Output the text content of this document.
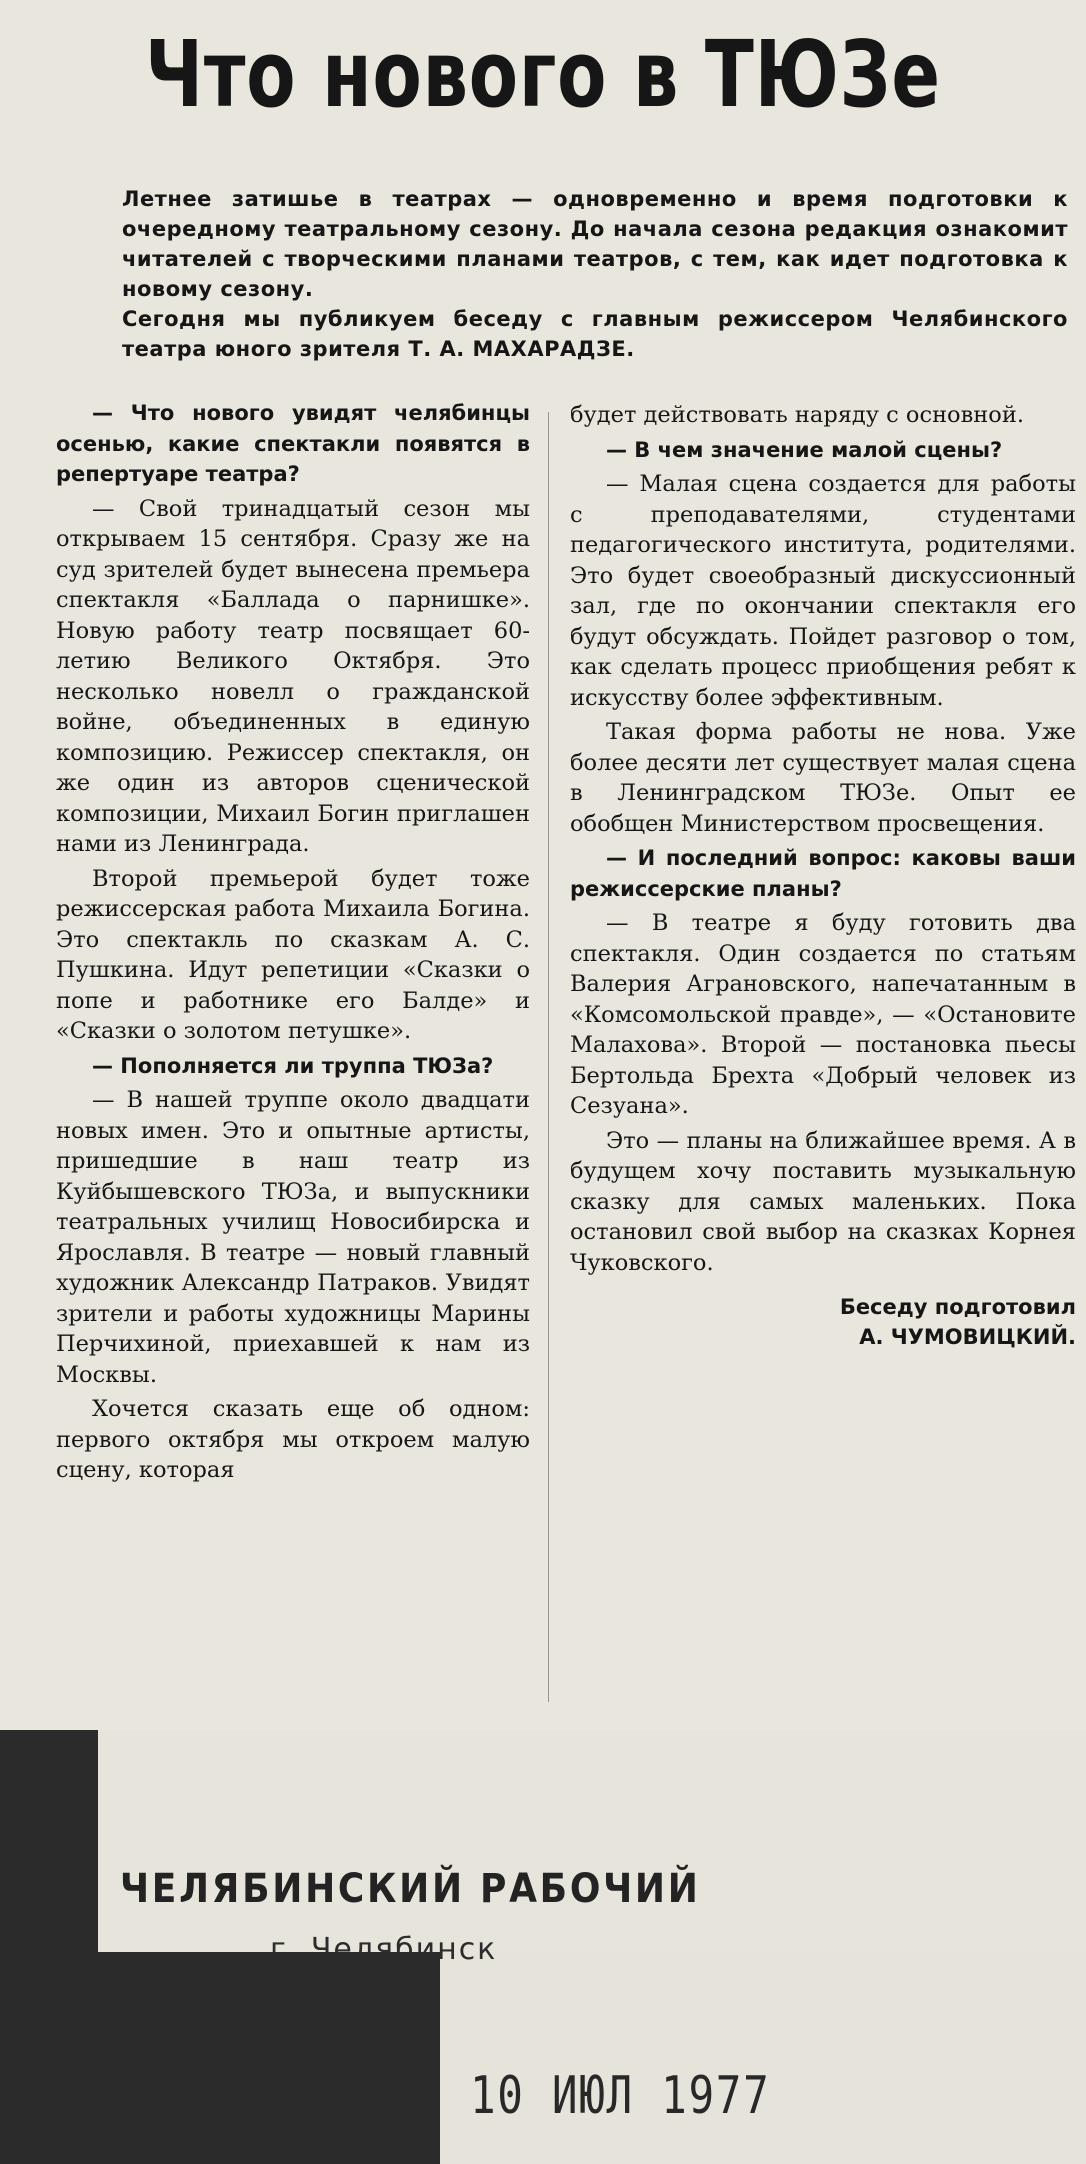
Что нового в ТЮЗе

Летнее затишье в театрах — одновременно и время подготовки к очередному театральному сезону. До начала сезона редакция ознакомит читателей с творческими планами театров, с тем, как идет подготовка к новому сезону.

Сегодня мы публикуем беседу с главным режиссером Челябинского театра юного зрителя Т. А. МАХАРАДЗЕ.

— Что нового увидят челябинцы осенью, какие спектакли появятся в репертуаре театра?

— Свой тринадцатый сезон мы открываем 15 сентября. Сразу же на суд зрителей будет вынесена премьера спектакля «Баллада о парнишке». Новую работу театр посвящает 60-летию Великого Октября. Это несколько новелл о гражданской войне, объединенных в единую композицию. Режиссер спектакля, он же один из авторов сценической композиции, Михаил Богин приглашен нами из Ленинграда.

Второй премьерой будет тоже режиссерская работа Михаила Богина. Это спектакль по сказкам А. С. Пушкина. Идут репетиции «Сказки о попе и работнике его Балде» и «Сказки о золотом петушке».

— Пополняется ли труппа ТЮЗа?

— В нашей труппе около двадцати новых имен. Это и опытные артисты, пришедшие в наш театр из Куйбышевского ТЮЗа, и выпускники театральных училищ Новосибирска и Ярославля. В театре — новый главный художник Александр Патраков. Увидят зрители и работы художницы Марины Перчихиной, приехавшей к нам из Москвы.

Хочется сказать еще об одном: первого октября мы откроем малую сцену, которая

будет действовать наряду с основной.

— В чем значение малой сцены?

— Малая сцена создается для работы с преподавателями, студентами педагогического института, родителями. Это будет своеобразный дискуссионный зал, где по окончании спектакля его будут обсуждать. Пойдет разговор о том, как сделать процесс приобщения ребят к искусству более эффективным.

Такая форма работы не нова. Уже более десяти лет существует малая сцена в Ленинградском ТЮЗе. Опыт ее обобщен Министерством просвещения.

— И последний вопрос: каковы ваши режиссерские планы?

— В театре я буду готовить два спектакля. Один создается по статьям Валерия Аграновского, напечатанным в «Комсомольской правде», — «Остановите Малахова». Второй — постановка пьесы Бертольда Брехта «Добрый человек из Сезуана».

Это — планы на ближайшее время. А в будущем хочу поставить музыкальную сказку для самых маленьких. Пока остановил свой выбор на сказках Корнея Чуковского.

Беседу подготовил
А. ЧУМОВИЦКИЙ.
ЧЕЛЯБИНСКИЙ РАБОЧИЙ
г. Челябинск
10 ИЮЛ 1977
